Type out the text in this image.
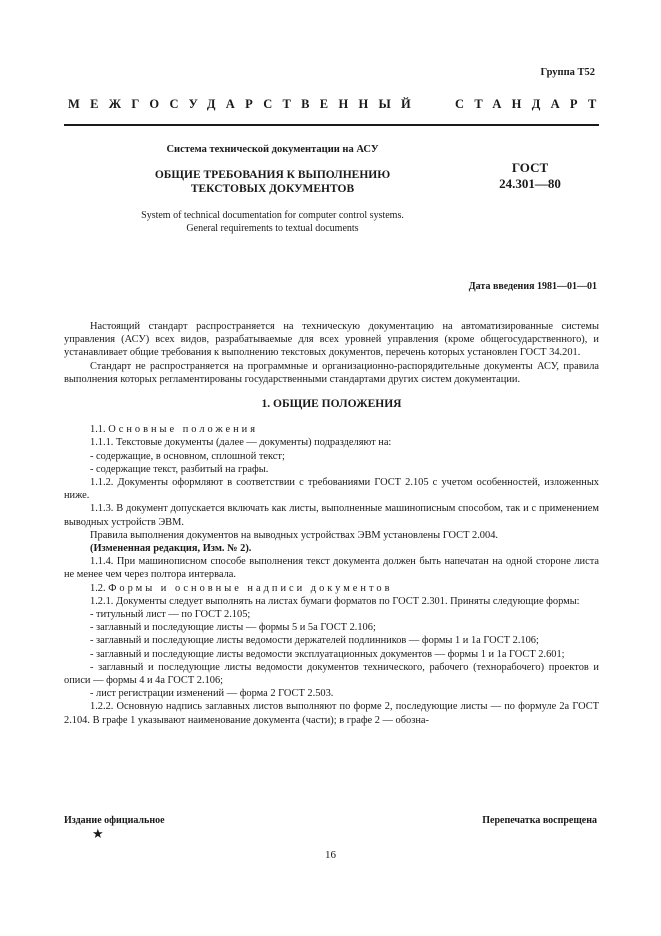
Группа Т52
МЕЖГОСУДАРСТВЕННЫЙ	СТАНДАРТ
Система технической документации на АСУ
ОБЩИЕ ТРЕБОВАНИЯ К ВЫПОЛНЕНИЮ
ТЕКСТОВЫХ ДОКУМЕНТОВ
ГОСТ
24.301—80
System of technical documentation for computer control systems.
General requirements to textual documents
Дата введения 1981—01—01

Настоящий стандарт распространяется на техническую документацию на автоматизированные системы управления (АСУ) всех видов, разрабатываемые для всех уровней управления (кроме общегосударственного), и устанавливает общие требования к выполнению текстовых документов, перечень которых установлен ГОСТ 34.201.

Стандарт не распространяется на программные и организационно-распорядительные документы АСУ, правила выполнения которых регламентированы государственными стандартами других систем документации.

1. ОБЩИЕ ПОЛОЖЕНИЯ

1.1. Основные положения

1.1.1. Текстовые документы (далее — документы) подразделяют на:

- содержащие, в основном, сплошной текст;

- содержащие текст, разбитый на графы.

1.1.2. Документы оформляют в соответствии с требованиями ГОСТ 2.105 с учетом особенностей, изложенных ниже.

1.1.3. В документ допускается включать как листы, выполненные машинописным способом, так и с применением выводных устройств ЭВМ.

Правила выполнения документов на выводных устройствах ЭВМ установлены ГОСТ 2.004.

(Измененная редакция, Изм. № 2).

1.1.4. При машинописном способе выполнения текст документа должен быть напечатан на одной стороне листа не менее чем через полтора интервала.

1.2. Формы и основные надписи документов

1.2.1. Документы следует выполнять на листах бумаги форматов по ГОСТ 2.301. Приняты следующие формы:

- титульный лист — по ГОСТ 2.105;

- заглавный и последующие листы — формы 5 и 5а ГОСТ 2.106;

- заглавный и последующие листы ведомости держателей подлинников — формы 1 и 1а ГОСТ 2.106;

- заглавный и последующие листы ведомости эксплуатационных документов — формы 1 и 1а ГОСТ 2.601;

- заглавный и последующие листы ведомости документов технического, рабочего (технорабочего) проектов и описи — формы 4 и 4а ГОСТ 2.106;

- лист регистрации изменений — форма 2 ГОСТ 2.503.

1.2.2. Основную надпись заглавных листов выполняют по форме 2, последующие листы — по формуле 2а ГОСТ 2.104. В графе 1 указывают наименование документа (части); в графе 2 — обозна-

Издание официальное	Перепечатка воспрещена
★
16
